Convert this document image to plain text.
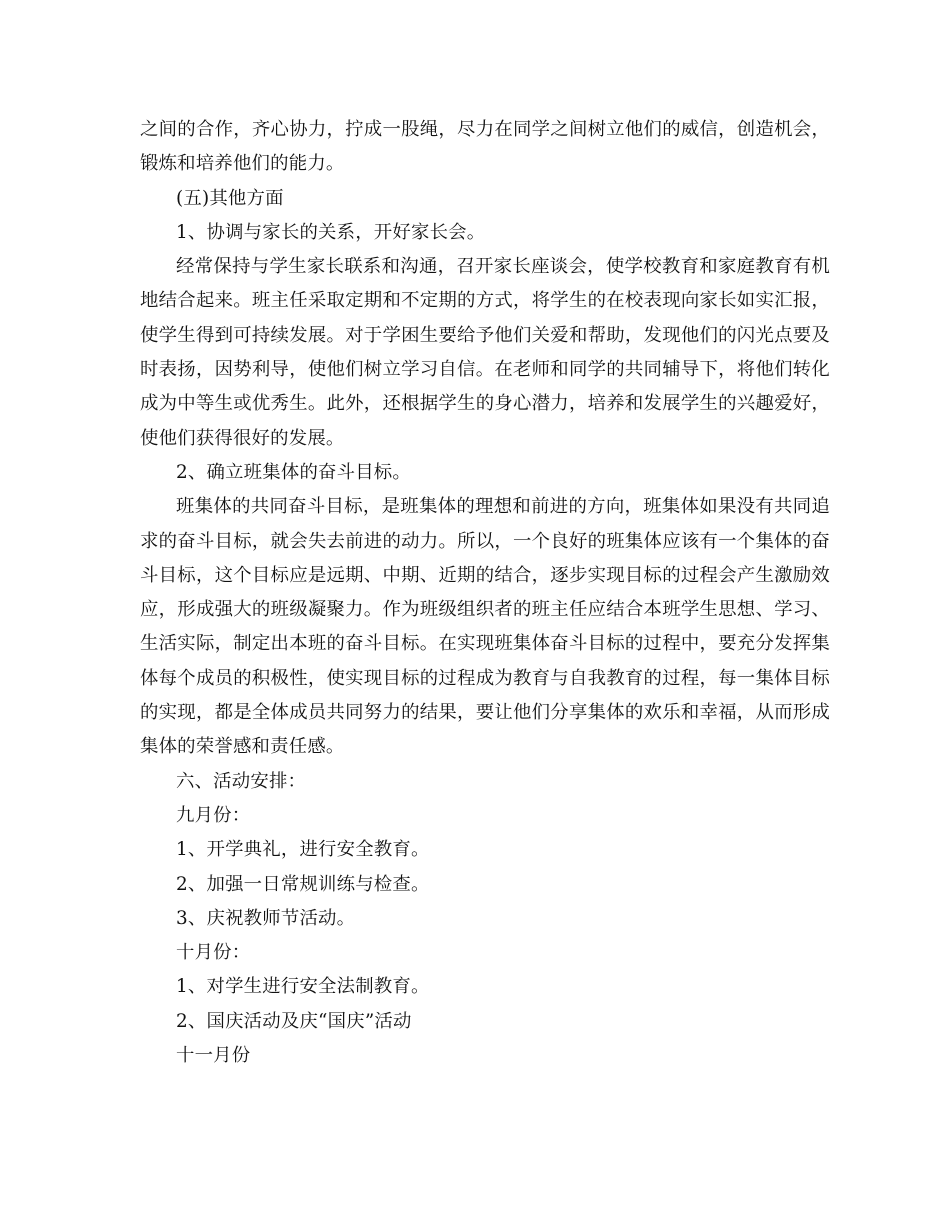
之间的合作，齐心协力，拧成一股绳，尽力在同学之间树立他们的威信，创造机会，锻炼和培养他们的能力。

(五)其他方面

1、协调与家长的关系，开好家长会。

经常保持与学生家长联系和沟通，召开家长座谈会，使学校教育和家庭教育有机地结合起来。班主任采取定期和不定期的方式，将学生的在校表现向家长如实汇报，使学生得到可持续发展。对于学困生要给予他们关爱和帮助，发现他们的闪光点要及时表扬，因势利导，使他们树立学习自信。在老师和同学的共同辅导下，将他们转化成为中等生或优秀生。此外，还根据学生的身心潜力，培养和发展学生的兴趣爱好，使他们获得很好的发展。

2、确立班集体的奋斗目标。

班集体的共同奋斗目标，是班集体的理想和前进的方向，班集体如果没有共同追求的奋斗目标，就会失去前进的动力。所以，一个良好的班集体应该有一个集体的奋斗目标，这个目标应是远期、中期、近期的结合，逐步实现目标的过程会产生激励效应，形成强大的班级凝聚力。作为班级组织者的班主任应结合本班学生思想、学习、生活实际，制定出本班的奋斗目标。在实现班集体奋斗目标的过程中，要充分发挥集体每个成员的积极性，使实现目标的过程成为教育与自我教育的过程，每一集体目标的实现，都是全体成员共同努力的结果，要让他们分享集体的欢乐和幸福，从而形成集体的荣誉感和责任感。

六、活动安排：

九月份：

1、开学典礼，进行安全教育。

2、加强一日常规训练与检查。

3、庆祝教师节活动。

十月份：

1、对学生进行安全法制教育。

2、国庆活动及庆“国庆”活动

十一月份
